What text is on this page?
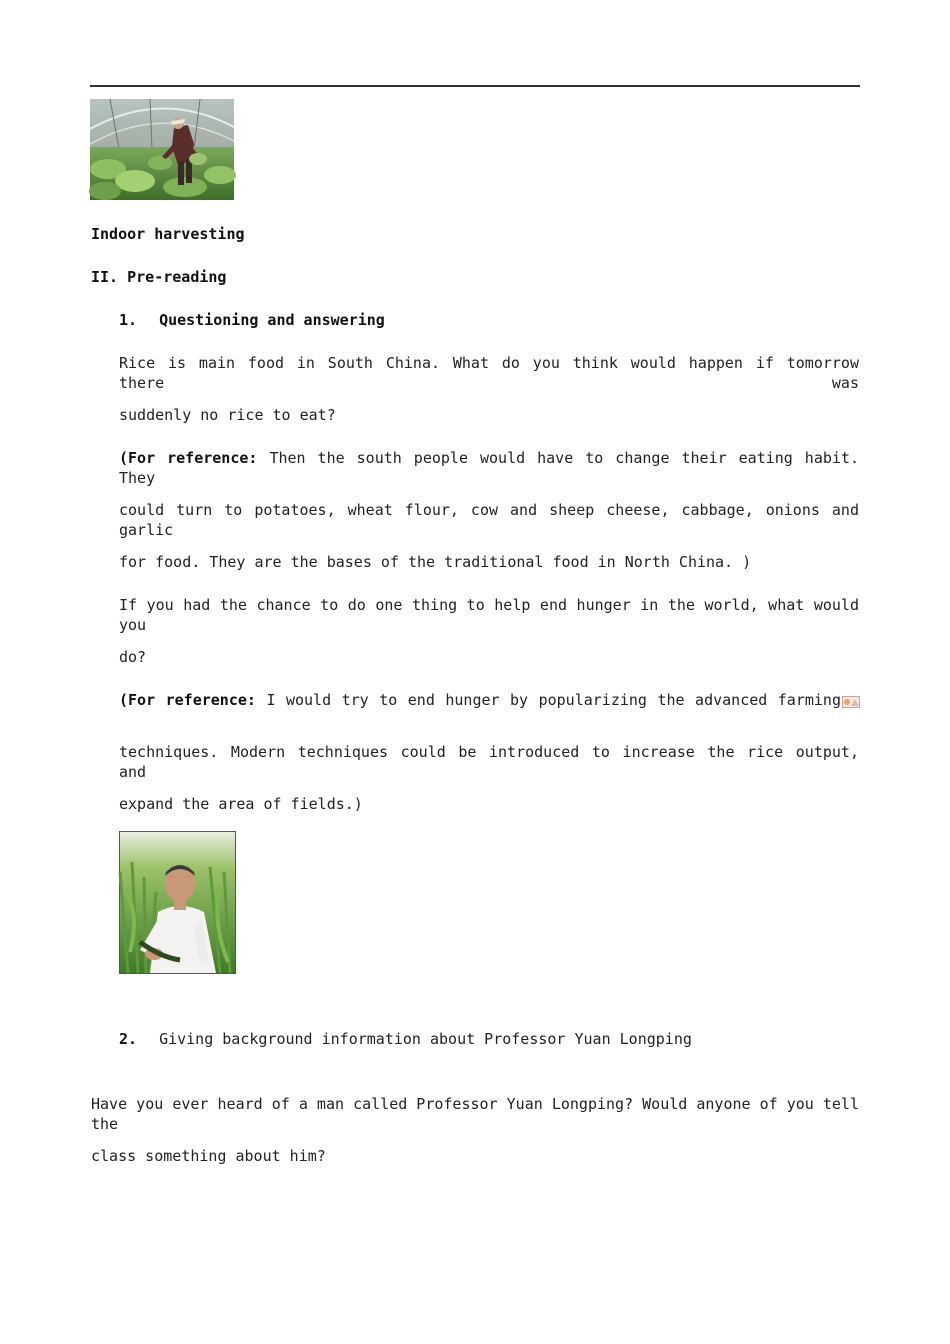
Indoor harvesting
II. Pre-reading
1. Questioning and answering
Rice is main food in South China. What do you think would happen if tomorrow there was
suddenly no rice to eat?
(For reference: Then the south people would have to change their eating habit. They
could turn to potatoes, wheat flour, cow and sheep cheese, cabbage, onions and garlic
for food. They are the bases of the traditional food in North China. )
If you had the chance to do one thing to help end hunger in the world, what would you
do?
(For reference: I would try to end hunger by popularizing the advanced farming
techniques. Modern techniques could be introduced to increase the rice output, and
expand the area of fields.)
2. Giving background information about Professor Yuan Longping
Have you ever heard of a man called Professor Yuan Longping? Would anyone of you tell the
class something about him?
